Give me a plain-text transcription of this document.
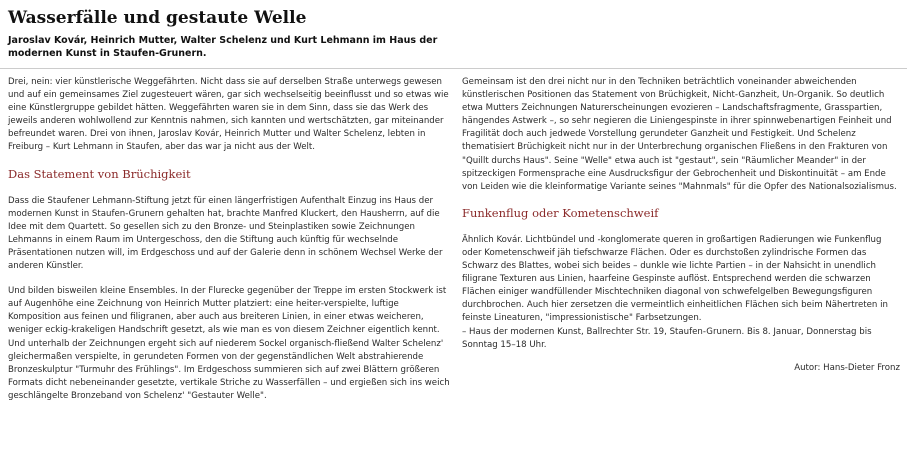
Wasserfälle und gestaute Welle

Jaroslav Kovár, Heinrich Mutter, Walter Schelenz und Kurt Lehmann im Haus der modernen Kunst in Staufen-Grunern.

Drei, nein: vier künstlerische Weggefährten. Nicht dass sie auf derselben Straße unterwegs gewesen und auf ein gemeinsames Ziel zugesteuert wären, gar sich wechselseitig beeinflusst und so etwas wie eine Künstlergruppe gebildet hätten. Weggefährten waren sie in dem Sinn, dass sie das Werk des jeweils anderen wohlwollend zur Kenntnis nahmen, sich kannten und wertschätzten, gar miteinander befreundet waren. Drei von ihnen, Jaroslav Kovár, Heinrich Mutter und Walter Schelenz, lebten in Freiburg – Kurt Lehmann in Staufen, aber das war ja nicht aus der Welt.

Das Statement von Brüchigkeit

Dass die Staufener Lehmann-Stiftung jetzt für einen längerfristigen Aufenthalt Einzug ins Haus der modernen Kunst in Staufen-Grunern gehalten hat, brachte Manfred Kluckert, den Hausherrn, auf die Idee mit dem Quartett. So gesellen sich zu den Bronze- und Steinplastiken sowie Zeichnungen Lehmanns in einem Raum im Untergeschoss, den die Stiftung auch künftig für wechselnde Präsentationen nutzen will, im Erdgeschoss und auf der Galerie denn in schönem Wechsel Werke der anderen Künstler.

Und bilden bisweilen kleine Ensembles. In der Flurecke gegenüber der Treppe im ersten Stockwerk ist auf Augenhöhe eine Zeichnung von Heinrich Mutter platziert: eine heiter-verspielte, luftige Komposition aus feinen und filigranen, aber auch aus breiteren Linien, in einer etwas weicheren, weniger eckig-krakeligen Handschrift gesetzt, als wie man es von diesem Zeichner eigentlich kennt. Und unterhalb der Zeichnungen ergeht sich auf niederem Sockel organisch-fließend Walter Schelenz' gleichermaßen verspielte, in gerundeten Formen von der gegenständlichen Welt abstrahierende Bronzeskulptur "Turmuhr des Frühlings". Im Erdgeschoss summieren sich auf zwei Blättern größeren Formats dicht nebeneinander gesetzte, vertikale Striche zu Wasserfällen – und ergießen sich ins weich geschlängelte Bronzeband von Schelenz' "Gestauter Welle".

Gemeinsam ist den drei nicht nur in den Techniken beträchtlich voneinander abweichenden künstlerischen Positionen das Statement von Brüchigkeit, Nicht-Ganzheit, Un-Organik. So deutlich etwa Mutters Zeichnungen Naturerscheinungen evozieren – Landschaftsfragmente, Grasspartien, hängendes Astwerk –, so sehr negieren die Liniengespinste in ihrer spinnwebenartigen Feinheit und Fragilität doch auch jedwede Vorstellung gerundeter Ganzheit und Festigkeit. Und Schelenz thematisiert Brüchigkeit nicht nur in der Unterbrechung organischen Fließens in den Frakturen von "Quillt durchs Haus". Seine "Welle" etwa auch ist "gestaut", sein "Räumlicher Meander" in der spitzeckigen Formensprache eine Ausdrucksfigur der Gebrochenheit und Diskontinuität – am Ende von Leiden wie die kleinformatige Variante seines "Mahnmals" für die Opfer des Nationalsozialismus.

Funkenflug oder Kometenschweif

Ähnlich Kovár. Lichtbündel und -konglomerate queren in großartigen Radierungen wie Funkenflug oder Kometenschweif jäh tiefschwarze Flächen. Oder es durchstoßen zylindrische Formen das Schwarz des Blattes, wobei sich beides – dunkle wie lichte Partien – in der Nahsicht in unendlich filigrane Texturen aus Linien, haarfeine Gespinste auflöst. Entsprechend werden die schwarzen Flächen einiger wandfüllender Mischtechniken diagonal von schwefelgelben Bewegungsfiguren durchbrochen. Auch hier zersetzen die vermeintlich einheitlichen Flächen sich beim Nähertreten in feinste Lineaturen, "impressionistische" Farbsetzungen.

– Haus der modernen Kunst, Ballrechter Str. 19, Staufen-Grunern. Bis 8. Januar, Donnerstag bis Sonntag 15–18 Uhr.

Autor: Hans-Dieter Fronz
